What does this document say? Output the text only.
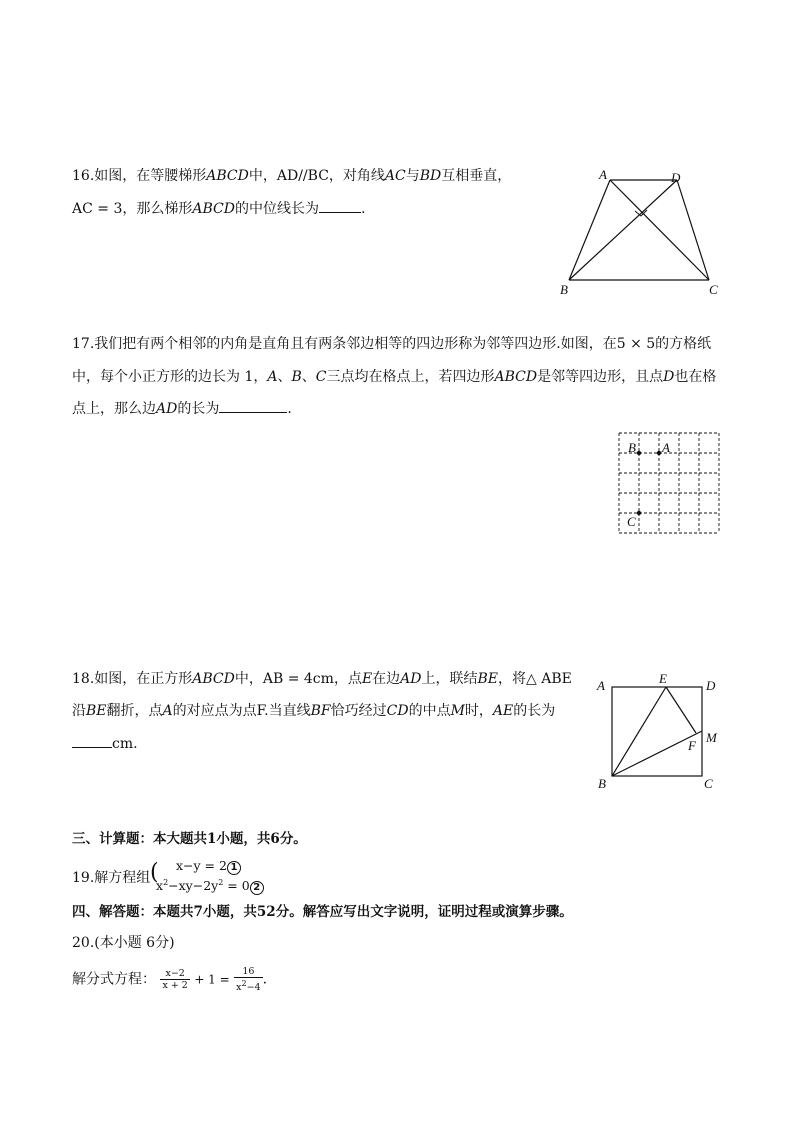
16.如图，在等腰梯形ABCD中，AD//BC，对角线AC与BD互相垂直，
AC = 3，那么梯形ABCD的中位线长为	.
A	D
B	C
17.我们把有两个相邻的内角是直角且有两条邻边相等的四边形称为邻等四边形.如图，在5 × 5的方格纸
中，每个小正方形的边长为 1，A、B、C三点均在格点上，若四边形ABCD是邻等四边形，且点D也在格
点上，那么边AD的长为	.
B A
C
18.如图，在正方形ABCD中，AB = 4cm，点E在边AD上，联结BE，将△ ABE
沿BE翻折，点A的对应点为点F.当直线BF恰巧经过CD的中点M时，AE的长为
cm.
A	E	D
M
F
B	C
三、计算题：本大题共1小题，共6分。
19.解方程组 ( x−y = 2 1
$x^2-xy-2y^2 = 0$ 2
四、解答题：本题共7小题，共52分。解答应写出文字说明，证明过程或演算步骤。
20.(本小题 6分)
解分式方程： $\frac{x-2}{x + 2} + 1 = \frac{16}{x^2-4}$ .
